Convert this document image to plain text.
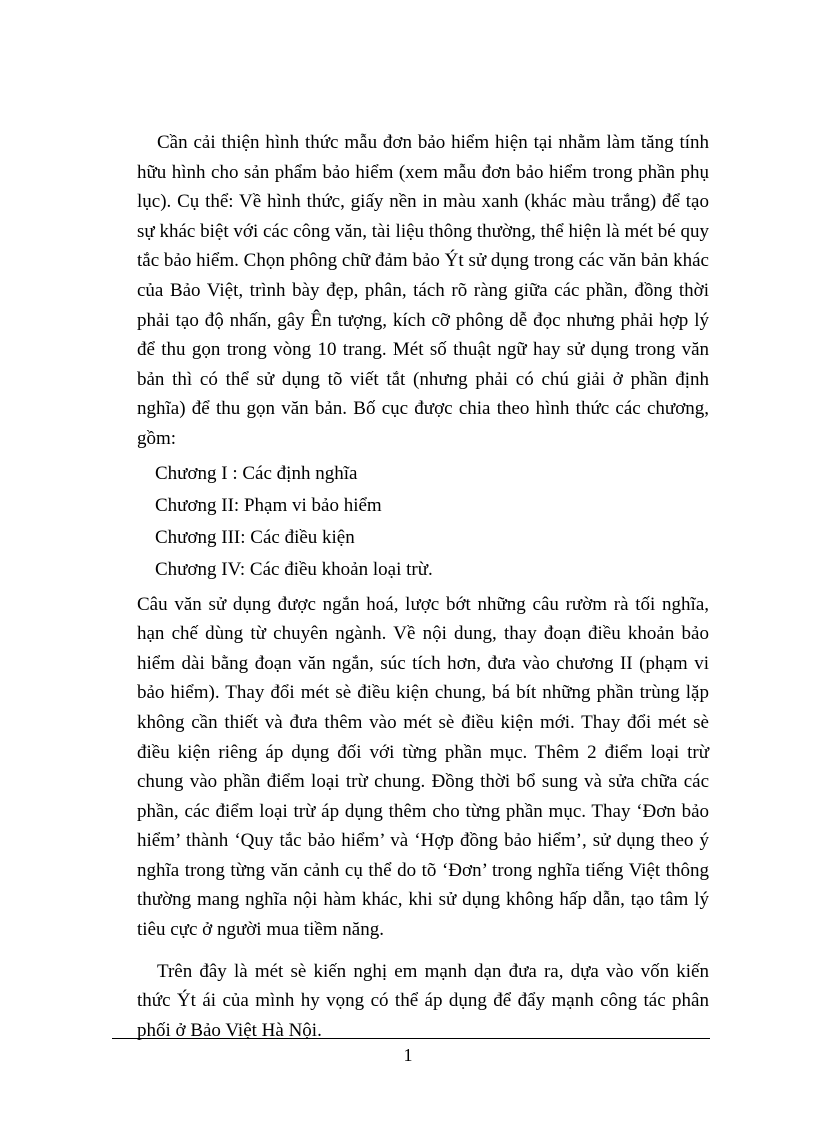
Cần cải thiện hình thức mẫu đơn bảo hiểm hiện tại nhằm làm tăng tính hữu hình cho sản phẩm bảo hiểm (xem mẫu đơn bảo hiểm trong phần phụ lục). Cụ thể: Về hình thức, giấy nền in màu xanh (khác màu trắng) để tạo sự khác biệt với các công văn, tài liệu thông thường, thể hiện là mét bé quy tắc bảo hiểm. Chọn phông chữ đảm bảo Ýt sử dụng trong các văn bản khác của Bảo Việt, trình bày đẹp, phân, tách rõ ràng giữa các phần, đồng thời phải tạo độ nhấn, gây Ên tượng, kích cỡ phông dễ đọc nhưng phải hợp lý để thu gọn trong vòng 10 trang. Mét số thuật ngữ hay sử dụng trong văn bản thì có thể sử dụng tõ viết tắt (nhưng phải có chú giải ở phần định nghĩa) để thu gọn văn bản. Bố cục được chia theo hình thức các chương, gồm:

Chương I : Các định nghĩa
Chương II: Phạm vi bảo hiểm
Chương III: Các điều kiện
Chương IV: Các điều khoản loại trừ.

Câu văn sử dụng được ngắn hoá, lược bớt những câu rườm rà tối nghĩa, hạn chế dùng từ chuyên ngành. Về nội dung, thay đoạn điều khoản bảo hiểm dài bằng đoạn văn ngắn, súc tích hơn, đưa vào chương II (phạm vi bảo hiểm). Thay đổi mét sè điều kiện chung, bá bít những phần trùng lặp không cần thiết và đưa thêm vào mét sè điều kiện mới. Thay đổi mét sè điều kiện riêng áp dụng đối với từng phần mục. Thêm 2 điểm loại trừ chung vào phần điểm loại trừ chung. Đồng thời bổ sung và sửa chữa các phần, các điểm loại trừ áp dụng thêm cho từng phần mục. Thay ‘Đơn bảo hiểm’ thành ‘Quy tắc bảo hiểm’ và ‘Hợp đồng bảo hiểm’, sử dụng theo ý nghĩa trong từng văn cảnh cụ thể do tõ ‘Đơn’ trong nghĩa tiếng Việt thông thường mang nghĩa nội hàm khác, khi sử dụng không hấp dẫn, tạo tâm lý tiêu cực ở người mua tiềm năng.

Trên đây là mét sè kiến nghị em mạnh dạn đưa ra, dựa vào vốn kiến thức Ýt ái của mình hy vọng có thể áp dụng để đẩy mạnh công tác phân phối ở Bảo Việt Hà Nội.

1
